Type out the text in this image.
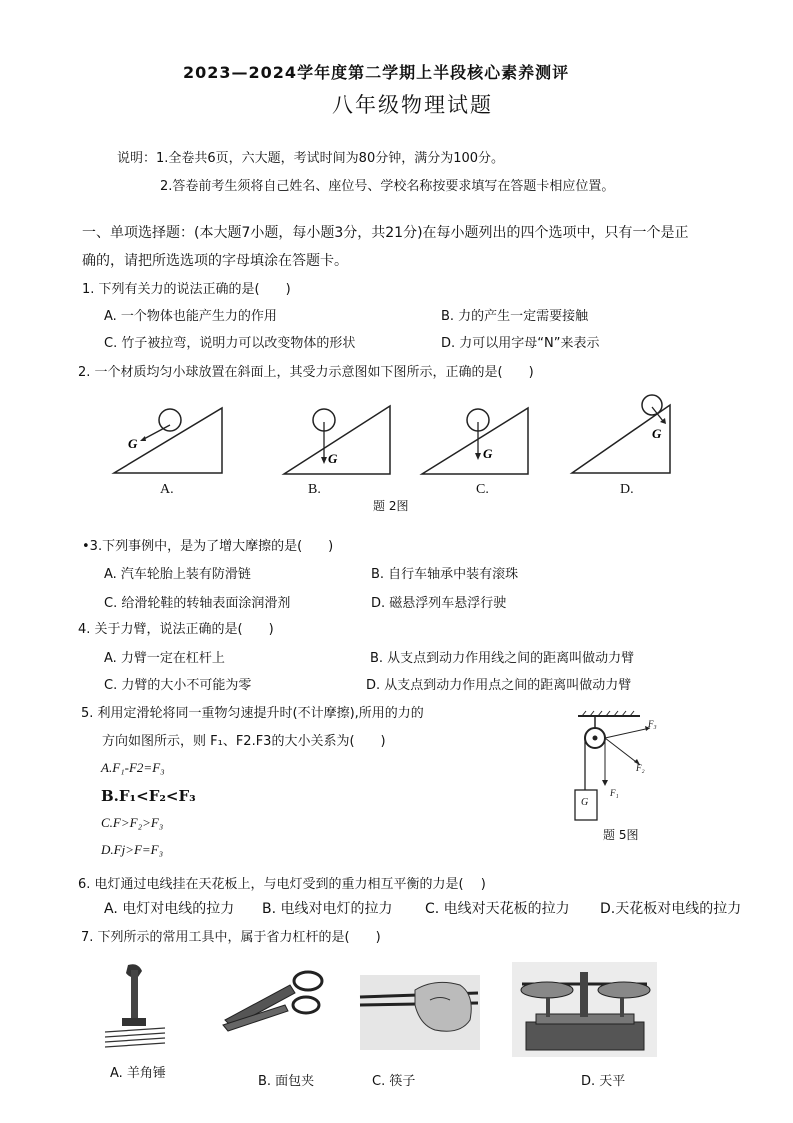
2023—2024学年度第二学期上半段核心素养测评
八年级物理试题
说明：1.全卷共6页，六大题，考试时间为80分钟，满分为100分。
2.答卷前考生须将自己姓名、座位号、学校名称按要求填写在答题卡相应位置。
一、单项选择题：(本大题7小题，每小题3分，共21分)在每小题列出的四个选项中，只有一个是正
确的，请把所选选项的字母填涂在答题卡。
1. 下列有关力的说法正确的是(　　)
A. 一个物体也能产生力的作用	B. 力的产生一定需要接触
C. 竹子被拉弯，说明力可以改变物体的形状	D. 力可以用字母“N”来表示
2. 一个材质均匀小球放置在斜面上，其受力示意图如下图所示，正确的是(　　)
G
G	G
G
A.	B.	C.	D.
题 2图
•3.下列事例中，是为了增大摩擦的是(　　)
A. 汽车轮胎上装有防滑链	B. 自行车轴承中装有滚珠
C. 给滑轮鞋的转轴表面涂润滑剂	D. 磁悬浮列车悬浮行驶
4. 关于力臂，说法正确的是(　　)
A. 力臂一定在杠杆上	B. 从支点到动力作用线之间的距离叫做动力臂
C. 力臂的大小不可能为零	D. 从支点到动力作用点之间的距离叫做动力臂
5. 利用定滑轮将同一重物匀速提升时(不计摩擦),所用的力的
方向如图所示，则 F₁、F2.F3的大小关系为(　　)
A.F₁-F2=F₃
B.F₁<F₂<F₃
C.F>F₂>F₃
D.Fj>F=F₃
F₃
F₂
F₁
G
题 5图
6. 电灯通过电线挂在天花板上，与电灯受到的重力相互平衡的力是(　 )
A. 电灯对电线的拉力 B. 电线对电灯的拉力 C. 电线对天花板的拉力 D.天花板对电线的拉力
7. 下列所示的常用工具中，属于省力杠杆的是(　　)
A. 羊角锤
B. 面包夹	C. 筷子	D. 天平
